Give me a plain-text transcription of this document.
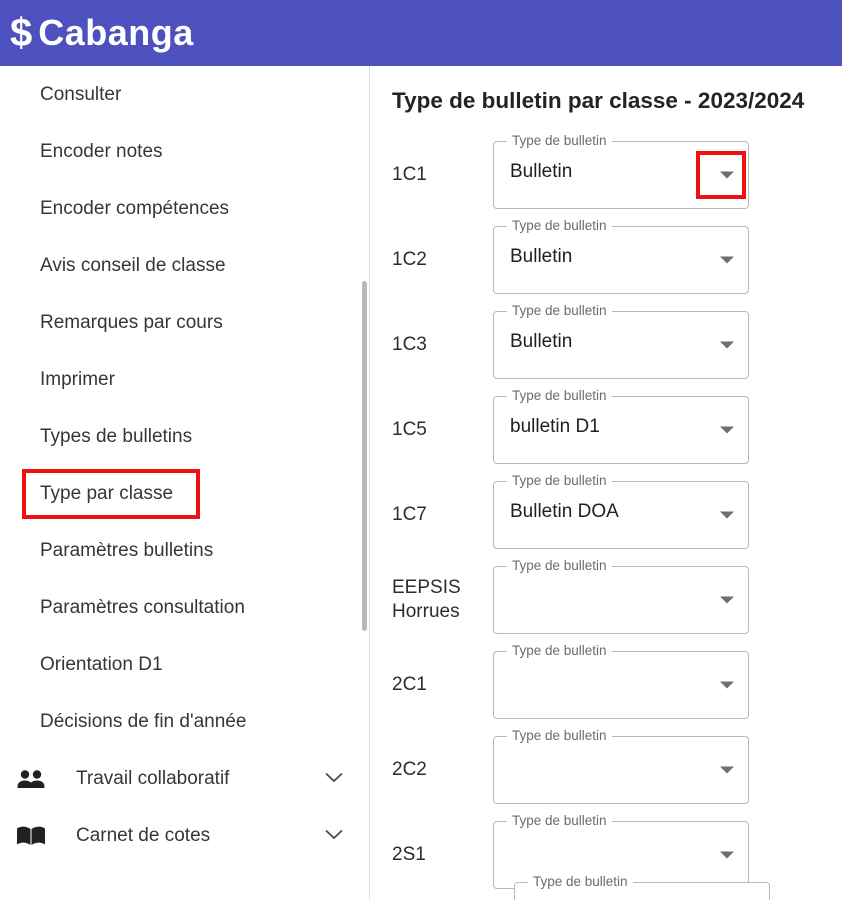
$ Cabanga
Consulter
Encoder notes
Encoder compétences
Avis conseil de classe
Remarques par cours
Imprimer
Types de bulletins
Type par classe
Paramètres bulletins
Paramètres consultation
Orientation D1
Décisions de fin d'année
Travail collaboratif
Carnet de cotes
Type de bulletin par classe - 2023/2024
1C1
Type de bulletin
Bulletin
1C2
Type de bulletin
Bulletin
1C3
Type de bulletin
Bulletin
1C5
Type de bulletin
bulletin D1
1C7
Type de bulletin
Bulletin DOA
EEPSIS Horrues
Type de bulletin
2C1
Type de bulletin
2C2
Type de bulletin
2S1
Type de bulletin
Type de bulletin
